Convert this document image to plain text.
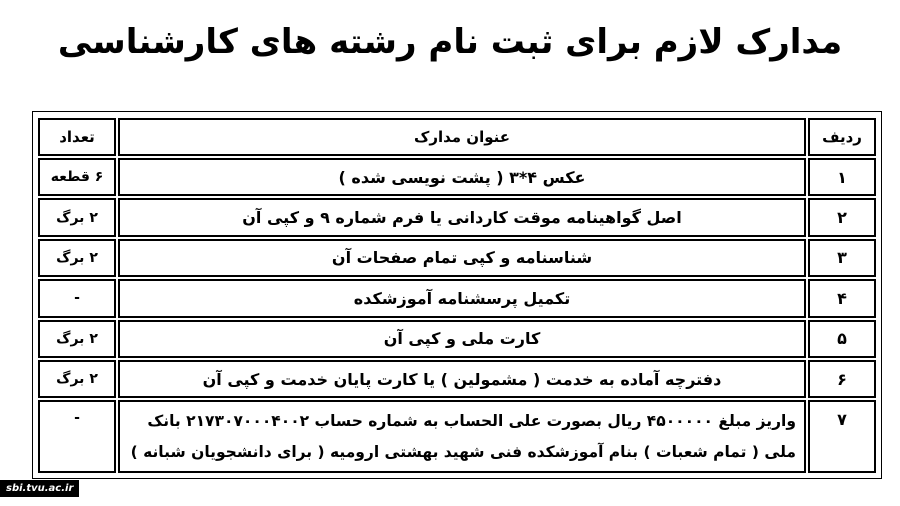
مدارک لازم برای ثبت نام رشته های کارشناسی
ردیف	عنوان مدارک	تعداد
۱	عکس ۴*۳ ( پشت نویسی شده )	۶ قطعه
۲	اصل گواهینامه موقت کاردانی یا فرم شماره ۹ و کپی آن	۲ برگ
۳	شناسنامه و کپی تمام صفحات آن	۲ برگ
۴	تکمیل پرسشنامه آموزشکده	-
۵	کارت ملی و کپی آن	۲ برگ
۶	دفترچه آماده به خدمت ( مشمولین ) یا کارت پایان خدمت و کپی آن	۲ برگ
۷	واریز مبلغ ۴۵۰۰۰۰۰ ریال بصورت علی الحساب به شماره حساب ۲۱۷۳۰۷۰۰۰۴۰۰۲ بانک ملی ( تمام شعبات ) بنام آموزشکده فنی شهید بهشتی ارومیه ( برای دانشجویان شبانه )	-
sbi.tvu.ac.ir
